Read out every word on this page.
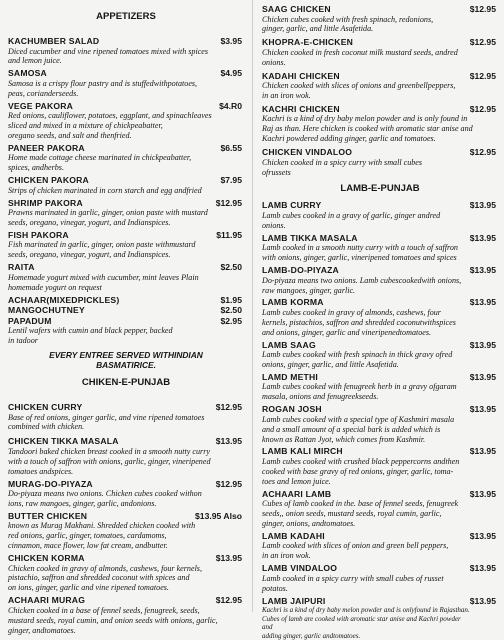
APPETIZERS
KACHUMBER SALAD	$3.95
Diced cucumber and vine ripened tomatoes mixed with spices
and lemon juice.
SAMOSA	$4.95
Samosa is a crispy flour pastry and is stuffedwithpotatoes,
peas, corianderseeds.
VEGE PAKORA	$4.R0
Red onions, cauliflower, potatoes, eggplant, and spinachleaves
sliced and mixed in a mixture of chickpeabatter,
oregano seeds, and salt and thenfried.
PANEER PAKORA	$6.55
Home made cottage cheese marinated in chickpeabatter,
spices, andherbs.
CHICKEN PAKORA	$7.95
Strips of chicken marinated in corn starch and egg andfried
SHRIMP PAKORA	$12.95
Prawns marinated in garlic, ginger, onion paste with mustard
seeds, oregano, vinegar, yogurt, and Indianspices.
FISH PAKORA	$11.95
Fish marinated in garlic, ginger, onion paste withmustard
seeds, oregano, vinegar, yogurt, and Indianspices.
RAITA	$2.50
Homemade yogurt mixed with cucumber, mint leaves Plain
homemade yogurt on request
ACHAAR(MIXEDPICKLES)	$1.95
MANGOCHUTNEY	$2.50
PAPADUM	$2.95
Lentil wafers with cumin and black pepper, backed
in tadoor
EVERY ENTREE SERVED WITHINDIAN
BASMATIRICE.
CHIKEN-E-PUNJAB
CHICKEN CURRY	$12.95
Base of red onions, ginger garlic, and vine ripened tomatoes
combined with chicken.
CHICKEN TIKKA MASALA	$13.95
Tandoori baked chicken breast cooked in a smooth nutty curry
with a touch of saffron with onions, garlic, ginger, vineripened
tomatoes andspices.
MURAG-DO-PIYAZA	$12.95
Do-piyaza means two onions. Chicken cubes cooked withon
ions, raw mangoes, ginger, garlic, andonions.
BUTTER CHICKEN	$13.95 Also
known as Murag Makhani. Shredded chicken cooked with
red onions, garlic, ginger, tomatoes, cardamoms,
cinnamon, mace flower, low fat cream, andbutter.
CHICKEN KORMA	$13.95
Chicken cooked in gravy of almonds, cashews, four kernels,
pistachio, saffron and shredded coconut with spices and
on ions, ginger, garlic and vine ripened tomatoes.
ACHAARI MURAG	$12.95
Chicken cooked in a base of fennel seeds, fenugreek, seeds,
mustard seeds, royal cumin, and onion seeds with onions, garlic,
ginger, andtomatoes.
SAAG CHICKEN	$12.95
Chicken cubes cooked with fresh spinach, redonions,
ginger, garlic, and little Asafetida.
KHOPRA-E-CHICKEN	$12.95
Chicken cooked in fresh coconut milk mustard seeds, andred
onions.
KADAHI CHICKEN	$12.95
Chicken cooked with slices of onions and greenbellpeppers,
in an iron wok.
KACHRI CHICKEN	$12.95
Kachri is a kind of dry baby melon powder and is only found in
Raj as than. Here chicken is cooked with aromatic star anise and
Kachri powdered adding ginger, garlic and tomatoes.
CHICKEN VINDALOO	$12.95
Chicken cooked in a spicy curry with small cubes
ofrussets
LAMB-E-PUNJAB
LAMB CURRY	$13.95
Lamb cubes cooked in a gravy of garlic, ginger andred
onions.
LAMB TIKKA MASALA	$13.95
Lamb cooked in a smooth nutty curry with a touch of saffron
with onions, ginger, garlic, vineripened tomatoes and spices
LAMB-DO-PIYAZA	$13.95
Do-piyaza means two onions. Lamb cubescookedwith onions,
raw mangoes, ginger, garlic.
LAMB KORMA	$13.95
Lamb cubes cooked in gravy of almonds, cashews, four
kernels, pistachios, saffron and shredded coconutwithspices
and onions, ginger, garlic and vineripenedtomatoes.
LAMB SAAG	$13.95
Lamb cubes cooked with fresh spinach in thick gravy ofred
onions, ginger, garlic, and little Asafetida.
LAMD METHI	$13.95
Lamb cubes cooked with fenugreek herb in a gravy ofgaram
masala, onions and fenugreekseeds.
ROGAN JOSH	$13.95
Lamb cubes cooked with a special type of Kashmiri masala
and a small amount of a special bark is added which is
known as Rattan Jyot, which comes from Kashmir.
LAMB KALI MIRCH	$13.95
Lamb cubes cooked with crushed black peppercorns andthen
cooked with base gravy of red onions, ginger, garlic, toma-
toes and lemon juice.
ACHAARI LAMB	$13.95
Cubes of lamb cooked in the. base of fennel seeds, fenugreek
seeds,, onion seeds, mustard seeds, royal cumin, garlic,
ginger, onions, andtomatoes.
LAMB KADAHI	$13.95
Lamb cooked with slices of onion and green bell peppers,
in an iron wok.
LAMB VINDALOO	$13.95
Lamb cooked in a spicy curry with small cubes of russet
potatos.
LAMB JAIPURI	$13.95
Kachri is a kind of dry baby melon powder and is onlyfound in Rajasthan.
Cubes of lamb are cooked with aromatic star anise and Kachri powder
and
adding ginger, garlic andtomatoes.
